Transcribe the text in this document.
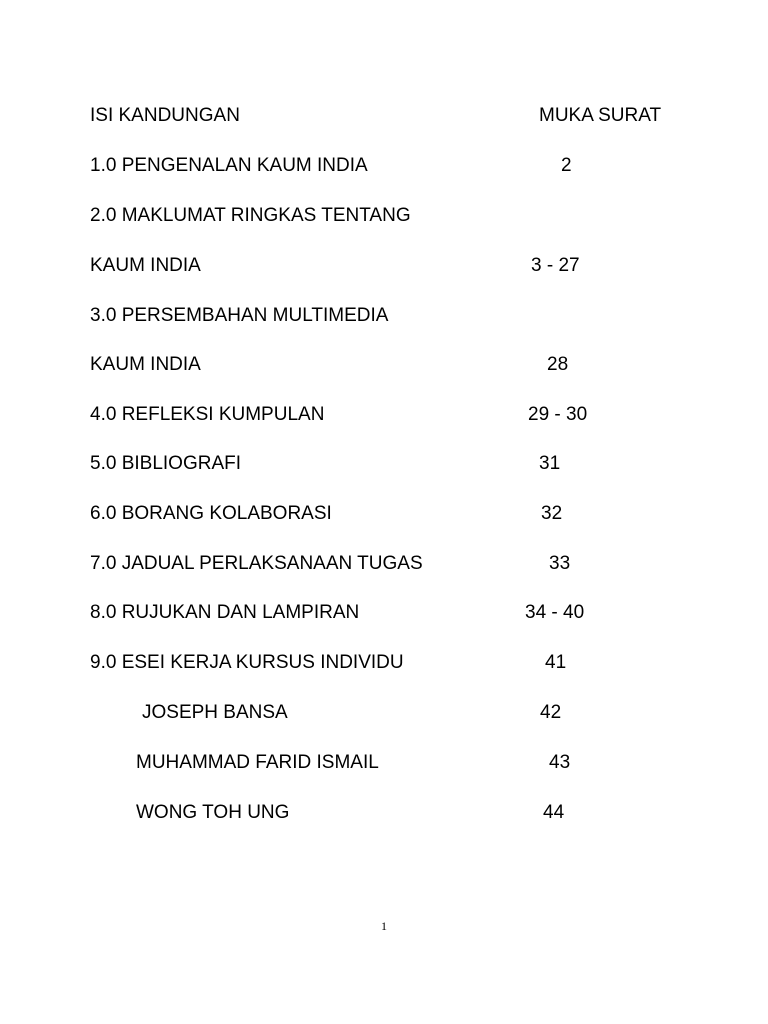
ISI KANDUNGAN	MUKA SURAT
1.0 PENGENALAN KAUM INDIA	2
2.0 MAKLUMAT RINGKAS TENTANG
KAUM INDIA	3 - 27
3.0 PERSEMBAHAN MULTIMEDIA
KAUM INDIA	28
4.0 REFLEKSI KUMPULAN	29 - 30
5.0 BIBLIOGRAFI	31
6.0 BORANG KOLABORASI	32
7.0 JADUAL PERLAKSANAAN TUGAS	33
8.0 RUJUKAN DAN LAMPIRAN	34 - 40
9.0 ESEI KERJA KURSUS INDIVIDU	41
JOSEPH BANSA	42
MUHAMMAD FARID ISMAIL	43
WONG TOH UNG	44
1
